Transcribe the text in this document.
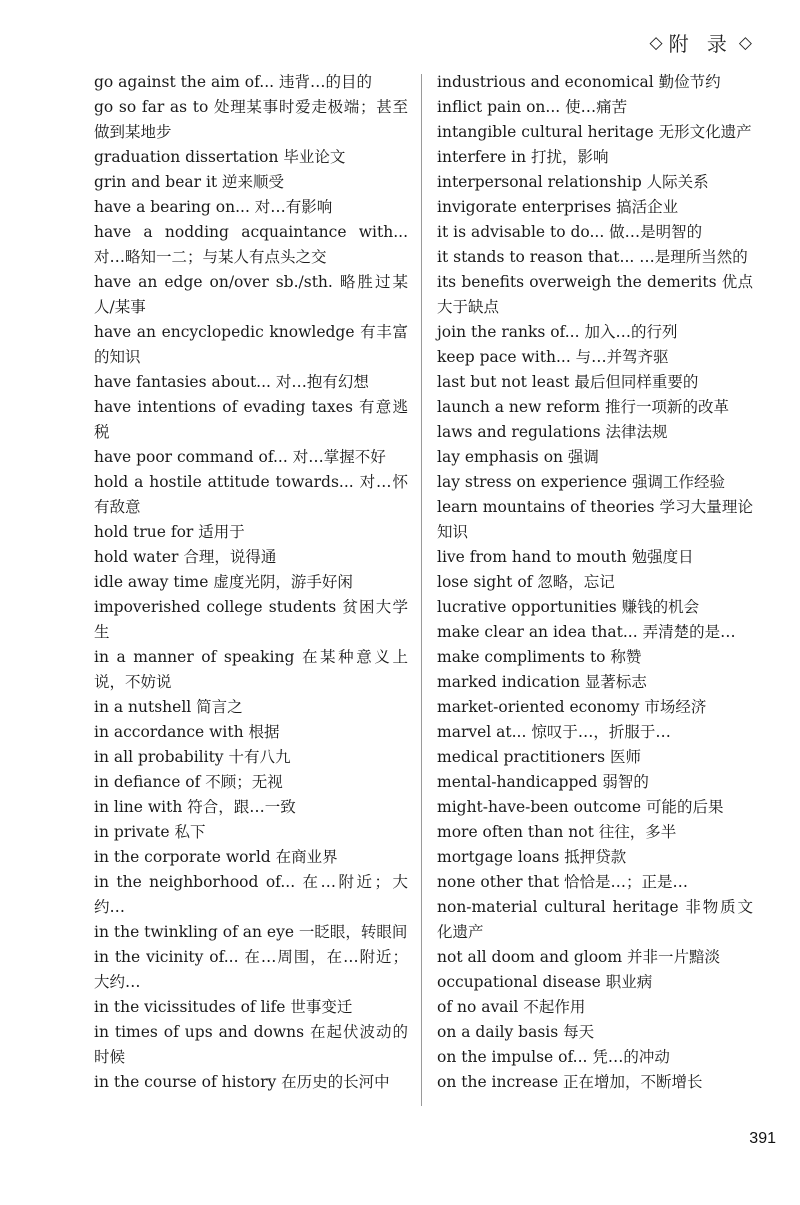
◇ 附 录 ◇

go against the aim of... 违背…的目的

go so far as to 处理某事时爱走极端；甚至做到某地步

graduation dissertation 毕业论文

grin and bear it 逆来顺受

have a bearing on... 对…有影响

have a nodding acquaintance with... 对…略知一二；与某人有点头之交

have an edge on/over sb./sth. 略胜过某人/某事

have an encyclopedic knowledge 有丰富的知识

have fantasies about... 对…抱有幻想

have intentions of evading taxes 有意逃税

have poor command of... 对…掌握不好

hold a hostile attitude towards... 对…怀有敌意

hold true for 适用于

hold water 合理，说得通

idle away time 虚度光阴，游手好闲

impoverished college students 贫困大学生

in a manner of speaking 在某种意义上说，不妨说

in a nutshell 简言之

in accordance with 根据

in all probability 十有八九

in defiance of 不顾；无视

in line with 符合，跟…一致

in private 私下

in the corporate world 在商业界

in the neighborhood of... 在…附近；大约…

in the twinkling of an eye 一眨眼，转眼间

in the vicinity of... 在…周围，在…附近；大约…

in the vicissitudes of life 世事变迁

in times of ups and downs 在起伏波动的时候

in the course of history 在历史的长河中

industrious and economical 勤俭节约

inflict pain on... 使…痛苦

intangible cultural heritage 无形文化遗产

interfere in 打扰，影响

interpersonal relationship 人际关系

invigorate enterprises 搞活企业

it is advisable to do... 做…是明智的

it stands to reason that... …是理所当然的

its benefits overweigh the demerits 优点大于缺点

join the ranks of... 加入…的行列

keep pace with... 与…并驾齐驱

last but not least 最后但同样重要的

launch a new reform 推行一项新的改革

laws and regulations 法律法规

lay emphasis on 强调

lay stress on experience 强调工作经验

learn mountains of theories 学习大量理论知识

live from hand to mouth 勉强度日

lose sight of 忽略，忘记

lucrative opportunities 赚钱的机会

make clear an idea that... 弄清楚的是…

make compliments to 称赞

marked indication 显著标志

market-oriented economy 市场经济

marvel at... 惊叹于…，折服于…

medical practitioners 医师

mental-handicapped 弱智的

might-have-been outcome 可能的后果

more often than not 往往，多半

mortgage loans 抵押贷款

none other that 恰恰是…；正是…

non-material cultural heritage 非物质文化遗产

not all doom and gloom 并非一片黯淡

occupational disease 职业病

of no avail 不起作用

on a daily basis 每天

on the impulse of... 凭…的冲动

on the increase 正在增加，不断增长

391
